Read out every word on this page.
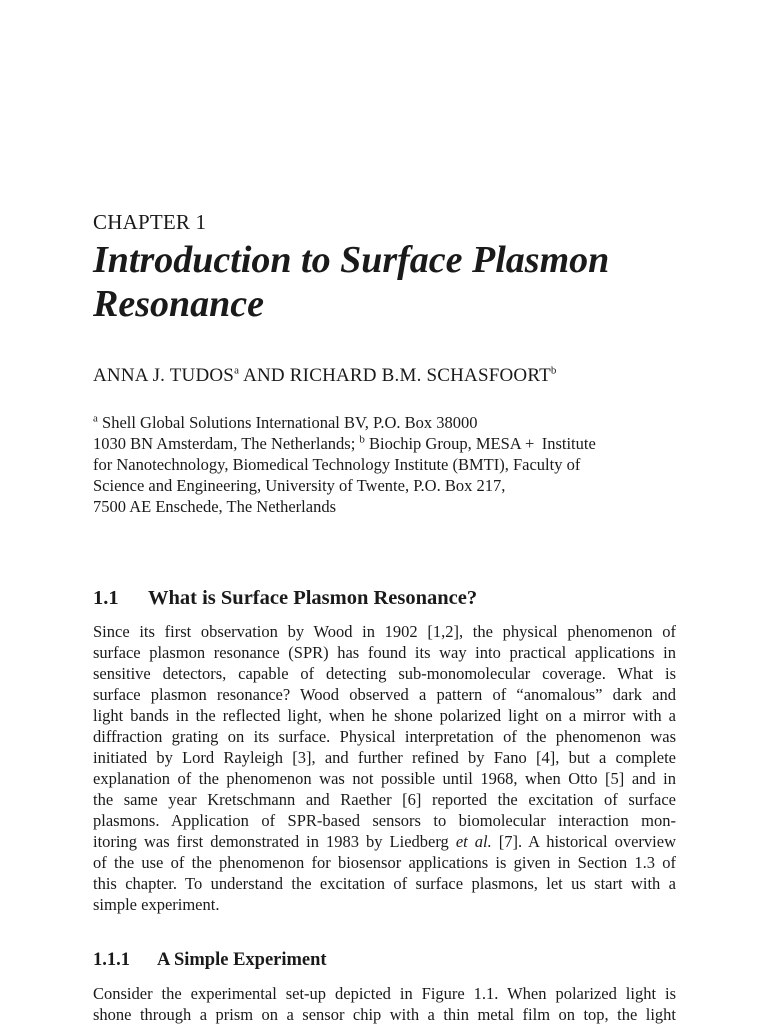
CHAPTER 1
Introduction to Surface Plasmon
Resonance
ANNA J. TUDOS$^a$ AND RICHARD B.M. SCHASFOORT$^b$
$^a$ Shell Global Solutions International BV, P.O. Box 38000
1030 BN Amsterdam, The Netherlands; $^b$ Biochip Group, MESA +  Institute
for Nanotechnology, Biomedical Technology Institute (BMTI), Faculty of
Science and Engineering, University of Twente, P.O. Box 217,
7500 AE Enschede, The Netherlands
1.1 What is Surface Plasmon Resonance?
Since its first observation by Wood in 1902 [1,2], the physical phenomenon of
surface plasmon resonance (SPR) has found its way into practical applications in
sensitive detectors, capable of detecting sub-monomolecular coverage. What is
surface plasmon resonance? Wood observed a pattern of “anomalous” dark and
light bands in the reflected light, when he shone polarized light on a mirror with a
diffraction grating on its surface. Physical interpretation of the phenomenon was
initiated by Lord Rayleigh [3], and further refined by Fano [4], but a complete
explanation of the phenomenon was not possible until 1968, when Otto [5] and in
the same year Kretschmann and Raether [6] reported the excitation of surface
plasmons. Application of SPR-based sensors to biomolecular interaction mon-
itoring was first demonstrated in 1983 by Liedberg et al. [7]. A historical overview
of the use of the phenomenon for biosensor applications is given in Section 1.3 of
this chapter. To understand the excitation of surface plasmons, let us start with a
simple experiment.
1.1.1 A Simple Experiment
Consider the experimental set-up depicted in Figure 1.1. When polarized light is
shone through a prism on a sensor chip with a thin metal film on top, the light
